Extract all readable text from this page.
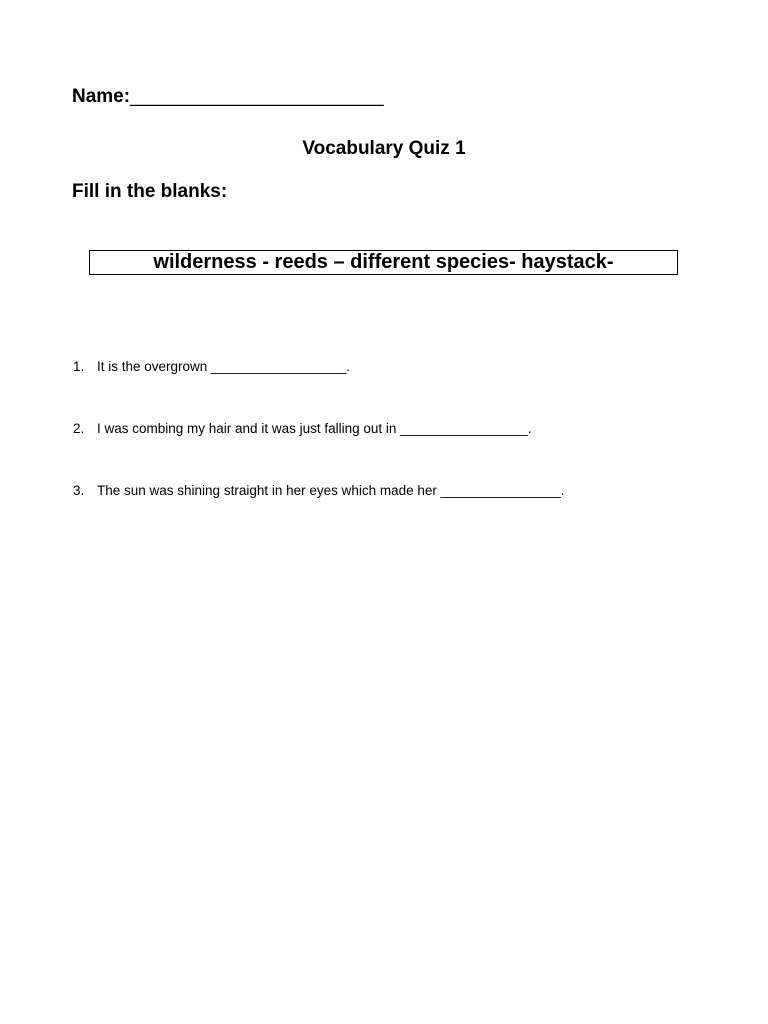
Name:________________________
Vocabulary Quiz 1
Fill in the blanks:
wilderness - reeds – different species- haystack-
1. It is the overgrown __________________.
2. I was combing my hair and it was just falling out in _________________.
3. The sun was shining straight in her eyes which made her ________________.
